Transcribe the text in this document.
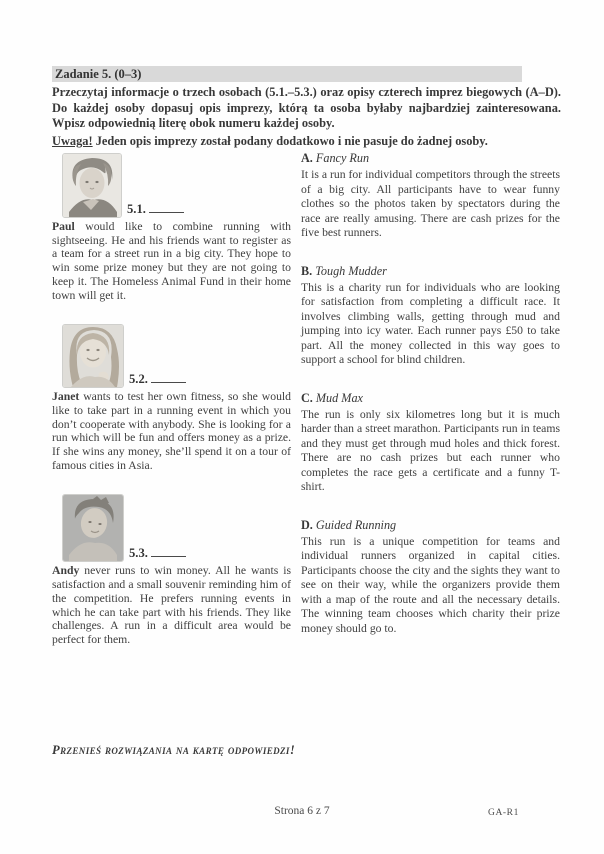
Zadanie 5. (0–3)

Przeczytaj informacje o trzech osobach (5.1.–5.3.) oraz opisy czterech imprez biegowych (A–D). Do każdej osoby dopasuj opis imprezy, którą ta osoba byłaby najbardziej zainteresowana. Wpisz odpowiednią literę obok numeru każdej osoby.

Uwaga! Jeden opis imprezy został podany dodatkowo i nie pasuje do żadnej osoby.

5.1.

Paul would like to combine running with sightseeing. He and his friends want to register as a team for a street run in a big city. They hope to win some prize money but they are not going to keep it. The Homeless Animal Fund in their home town will get it.

5.2.

Janet wants to test her own fitness, so she would like to take part in a running event in which you don’t cooperate with anybody. She is looking for a run which will be fun and offers money as a prize. If she wins any money, she’ll spend it on a tour of famous cities in Asia.

5.3.

Andy never runs to win money. All he wants is satisfaction and a small souvenir reminding him of the competition. He prefers running events in which he can take part with his friends. They like challenges. A run in a difficult area would be perfect for them.

A. Fancy Run

It is a run for individual competitors through the streets of a big city. All participants have to wear funny clothes so the photos taken by spectators during the race are really amusing. There are cash prizes for the five best runners.

B. Tough Mudder

This is a charity run for individuals who are looking for satisfaction from completing a difficult race. It involves climbing walls, getting through mud and jumping into icy water. Each runner pays £50 to take part. All the money collected in this way goes to support a school for blind children.

C. Mud Max

The run is only six kilometres long but it is much harder than a street marathon. Participants run in teams and they must get through mud holes and thick forest. There are no cash prizes but each runner who completes the race gets a certificate and a funny T-shirt.

D. Guided Running

This run is a unique competition for teams and individual runners organized in capital cities. Participants choose the city and the sights they want to see on their way, while the organizers provide them with a map of the route and all the necessary details. The winning team chooses which charity their prize money should go to.

Przenieś rozwiązania na kartę odpowiedzi!
Strona 6 z 7	GA-R1
